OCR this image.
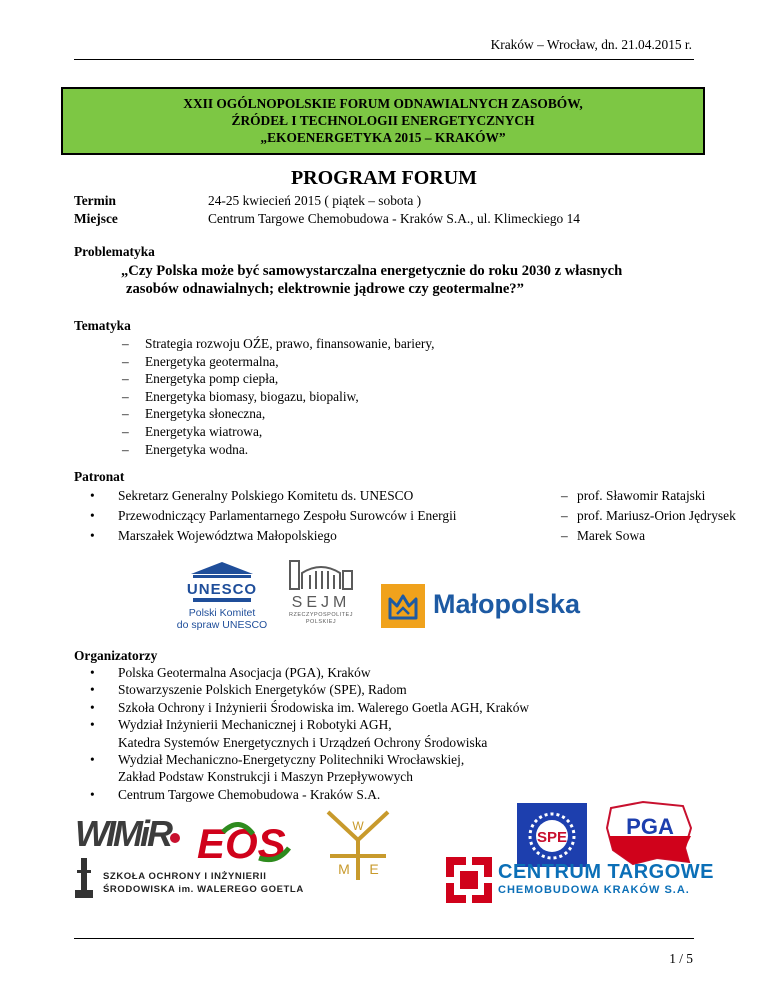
Kraków – Wrocław, dn. 21.04.2015 r.
XXII OGÓLNOPOLSKIE FORUM ODNAWIALNYCH ZASOBÓW,
ŹRÓDEŁ I TECHNOLOGII ENERGETYCZNYCH
„EKOENERGETYKA 2015 – KRAKÓW”
PROGRAM FORUM
Termin	24-25 kwiecień 2015 ( piątek – sobota )
Miejsce	Centrum Targowe Chemobudowa - Kraków S.A., ul. Klimeckiego 14
Problematyka
„Czy Polska może być samowystarczalna energetycznie do roku 2030 z własnych
zasobów odnawialnych; elektrownie jądrowe czy geotermalne?”
Tematyka
– Strategia rozwoju OŹE, prawo, finansowanie, bariery,
– Energetyka geotermalna,
– Energetyka pomp ciepła,
– Energetyka biomasy, biogazu, biopaliw,
– Energetyka słoneczna,
– Energetyka wiatrowa,
– Energetyka wodna.
Patronat
• Sekretarz Generalny Polskiego Komitetu ds. UNESCO	– prof. Sławomir Ratajski
• Przewodniczący Parlamentarnego Zespołu Surowców i Energii	– prof. Mariusz-Orion Jędrysek
• Marszałek Województwa Małopolskiego	– Marek Sowa
UNESCO
Polski Komitet
do spraw UNESCO
SEJM
RZECZYPOSPOLITEJ
POLSKIEJ
Małopolska
Organizatorzy
• Polska Geotermalna Asocjacja (PGA), Kraków
• Stowarzyszenie Polskich Energetyków (SPE), Radom
• Szkoła Ochrony i Inżynierii Środowiska im. Walerego Goetla AGH, Kraków
• Wydział Inżynierii Mechanicznej i Robotyki AGH,
Katedra Systemów Energetycznych i Urządzeń Ochrony Środowiska
• Wydział Mechaniczno-Energetyczny Politechniki Wrocławskiej,
Zakład Podstaw Konstrukcji i Maszyn Przepływowych
• Centrum Targowe Chemobudowa - Kraków S.A.
WIMiR EOS	W
M E
SPE	PGA
SZKOŁA OCHRONY I INŻYNIERII
ŚRODOWISKA im. WALEREGO GOETLA
CENTRUM TARGOWE
CHEMOBUDOWA KRAKÓW S.A.
1 / 5
